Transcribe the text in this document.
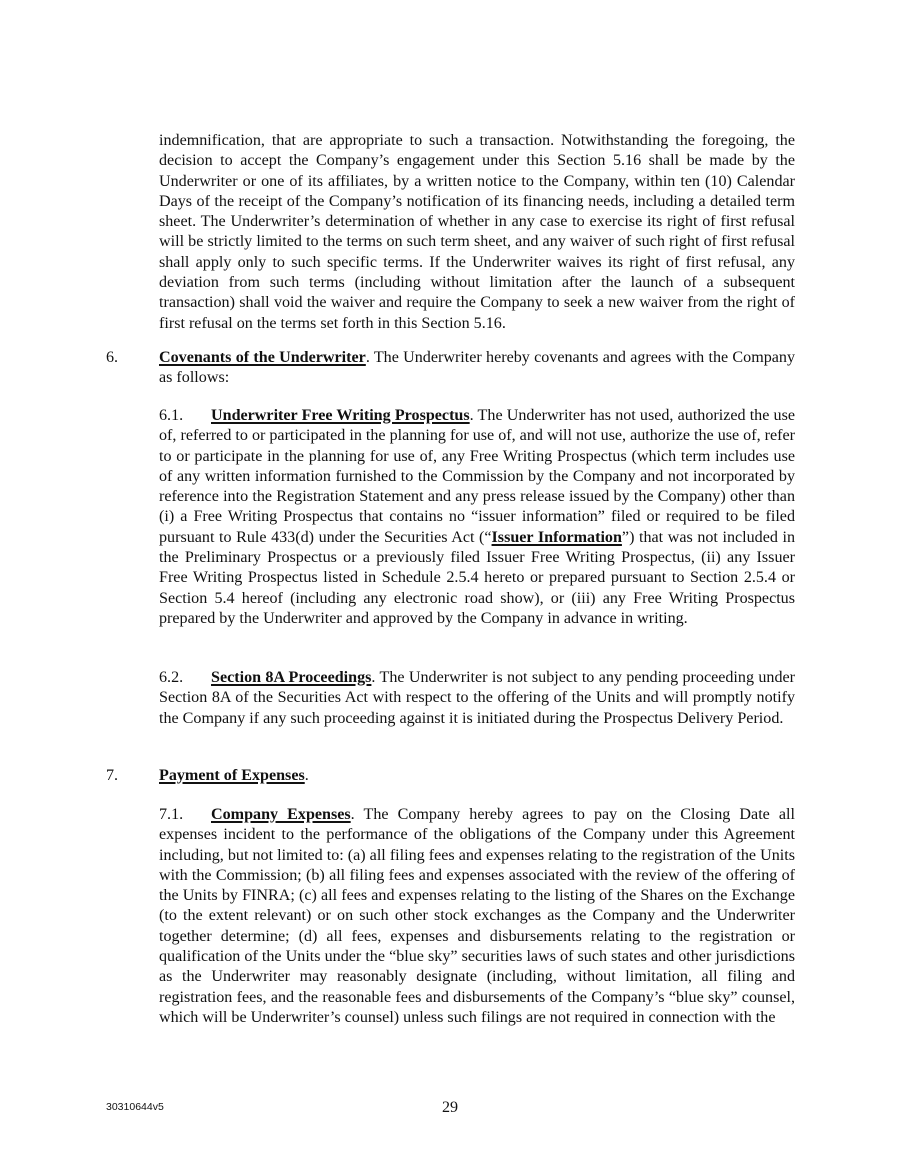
indemnification, that are appropriate to such a transaction. Notwithstanding the foregoing, the decision to accept the Company’s engagement under this Section 5.16 shall be made by the Underwriter or one of its affiliates, by a written notice to the Company, within ten (10) Calendar Days of the receipt of the Company’s notification of its financing needs, including a detailed term sheet. The Underwriter’s determination of whether in any case to exercise its right of first refusal will be strictly limited to the terms on such term sheet, and any waiver of such right of first refusal shall apply only to such specific terms. If the Underwriter waives its right of first refusal, any deviation from such terms (including without limitation after the launch of a subsequent transaction) shall void the waiver and require the Company to seek a new waiver from the right of first refusal on the terms set forth in this Section 5.16.

6.	Covenants of the Underwriter. The Underwriter hereby covenants and agrees with the Company as follows:

6.1. Underwriter Free Writing Prospectus. The Underwriter has not used, authorized the use of, referred to or participated in the planning for use of, and will not use, authorize the use of, refer to or participate in the planning for use of, any Free Writing Prospectus (which term includes use of any written information furnished to the Commission by the Company and not incorporated by reference into the Registration Statement and any press release issued by the Company) other than (i) a Free Writing Prospectus that contains no “issuer information” filed or required to be filed pursuant to Rule 433(d) under the Securities Act (“Issuer Information”) that was not included in the Preliminary Prospectus or a previously filed Issuer Free Writing Prospectus, (ii) any Issuer Free Writing Prospectus listed in Schedule 2.5.4 hereto or prepared pursuant to Section 2.5.4 or Section 5.4 hereof (including any electronic road show), or (iii) any Free Writing Prospectus prepared by the Underwriter and approved by the Company in advance in writing.

6.2. Section 8A Proceedings. The Underwriter is not subject to any pending proceeding under Section 8A of the Securities Act with respect to the offering of the Units and will promptly notify the Company if any such proceeding against it is initiated during the Prospectus Delivery Period.

7.	Payment of Expenses.

7.1. Company Expenses. The Company hereby agrees to pay on the Closing Date all expenses incident to the performance of the obligations of the Company under this Agreement including, but not limited to: (a) all filing fees and expenses relating to the registration of the Units with the Commission; (b) all filing fees and expenses associated with the review of the offering of the Units by FINRA; (c) all fees and expenses relating to the listing of the Shares on the Exchange (to the extent relevant) or on such other stock exchanges as the Company and the Underwriter together determine; (d) all fees, expenses and disbursements relating to the registration or qualification of the Units under the “blue sky” securities laws of such states and other jurisdictions as the Underwriter may reasonably designate (including, without limitation, all filing and registration fees, and the reasonable fees and disbursements of the Company’s “blue sky” counsel, which will be Underwriter’s counsel) unless such filings are not required in connection with the

30310644v5	29
